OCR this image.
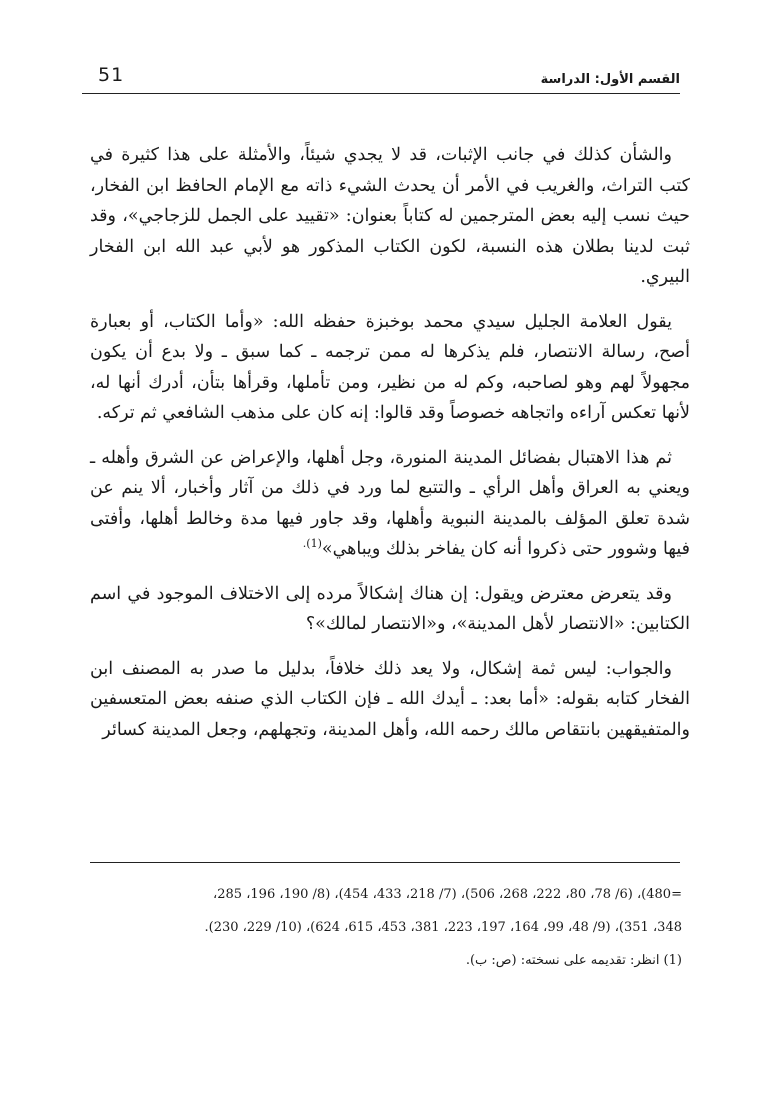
51	القسم الأول: الدراسة

والشأن كذلك في جانب الإثبات، قد لا يجدي شيئاً، والأمثلة على هذا كثيرة في كتب التراث، والغريب في الأمر أن يحدث الشيء ذاته مع الإمام الحافظ ابن الفخار، حيث نسب إليه بعض المترجمين له كتاباً بعنوان: «تقييد على الجمل للزجاجي»، وقد ثبت لدينا بطلان هذه النسبة، لكون الكتاب المذكور هو لأبي عبد الله ابن الفخار البيري.

يقول العلامة الجليل سيدي محمد بوخبزة حفظه الله: «وأما الكتاب، أو بعبارة أصح، رسالة الانتصار، فلم يذكرها له ممن ترجمه ـ كما سبق ـ ولا بدع أن يكون مجهولاً لهم وهو لصاحبه، وكم له من نظير، ومن تأملها، وقرأها بتأن، أدرك أنها له، لأنها تعكس آراءه واتجاهه خصوصاً وقد قالوا: إنه كان على مذهب الشافعي ثم تركه.

ثم هذا الاهتبال بفضائل المدينة المنورة، وجل أهلها، والإعراض عن الشرق وأهله ـ ويعني به العراق وأهل الرأي ـ والتتبع لما ورد في ذلك من آثار وأخبار، ألا ينم عن شدة تعلق المؤلف بالمدينة النبوية وأهلها، وقد جاور فيها مدة وخالط أهلها، وأفتى فيها وشوور حتى ذكروا أنه كان يفاخر بذلك ويباهي»$^{(1).}$

وقد يتعرض معترض ويقول: إن هناك إشكالاً مرده إلى الاختلاف الموجود في اسم الكتابين: «الانتصار لأهل المدينة»، و«الانتصار لمالك»؟

والجواب: ليس ثمة إشكال، ولا يعد ذلك خلافاً، بدليل ما صدر به المصنف ابن الفخار كتابه بقوله: «أما بعد: ـ أيدك الله ـ فإن الكتاب الذي صنفه بعض المتعسفين والمتفيقهين بانتقاص مالك رحمه الله، وأهل المدينة، وتجهلهم، وجعل المدينة كسائر

=480)، (6/ 78، 80، 222، 268، 506)، (7/ 218، 433، 454)، (8/ 190، 196، 285،
348، 351)، (9/ 48، 99، 164، 197، 223، 381، 453، 615، 624)، (10/ 229، 230).
(1) انظر: تقديمه على نسخته: (ص: ب).
